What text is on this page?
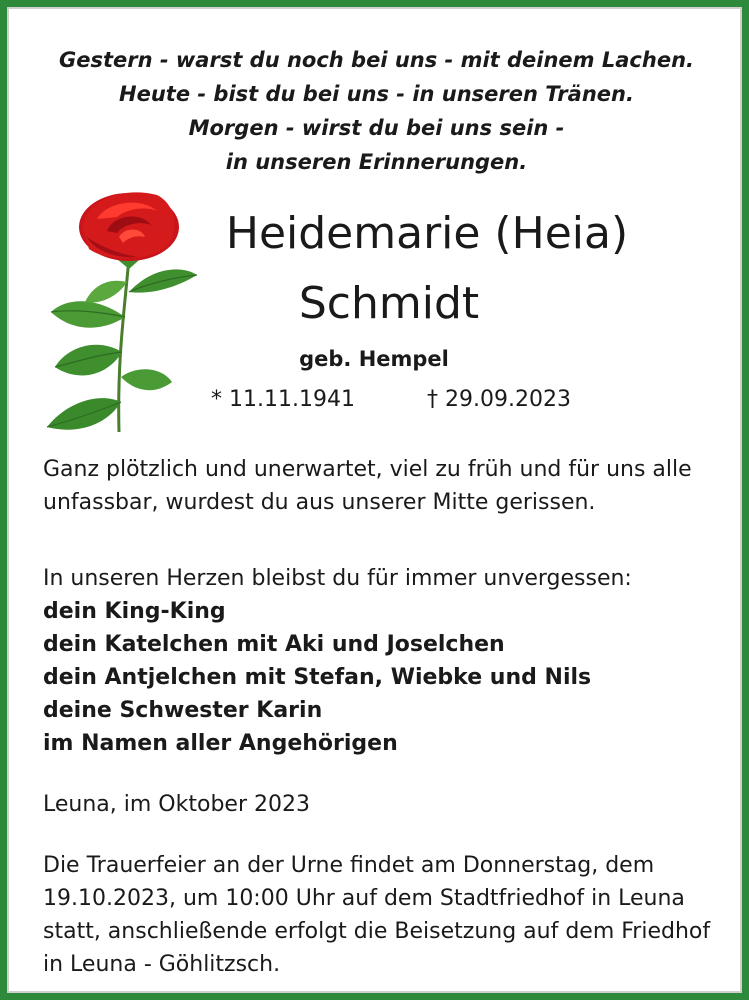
Gestern - warst du noch bei uns - mit deinem Lachen.
Heute - bist du bei uns - in unseren Tränen.
Morgen - wirst du bei uns sein -
in unseren Erinnerungen.
Heidemarie (Heia)
Schmidt
geb. Hempel
* 11.11.1941	† 29.09.2023

Ganz plötzlich und unerwartet, viel zu früh und für uns alle unfassbar, wurdest du aus unserer Mitte gerissen.

In unseren Herzen bleibst du für immer unvergessen:

dein King-King
dein Katelchen mit Aki und Joselchen
dein Antjelchen mit Stefan, Wiebke und Nils
deine Schwester Karin
im Namen aller Angehörigen

Leuna, im Oktober 2023

Die Trauerfeier an der Urne findet am Donnerstag, dem 19.10.2023, um 10:00 Uhr auf dem Stadtfriedhof in Leuna statt, anschließende erfolgt die Beisetzung auf dem Friedhof in Leuna - Göhlitzsch.
